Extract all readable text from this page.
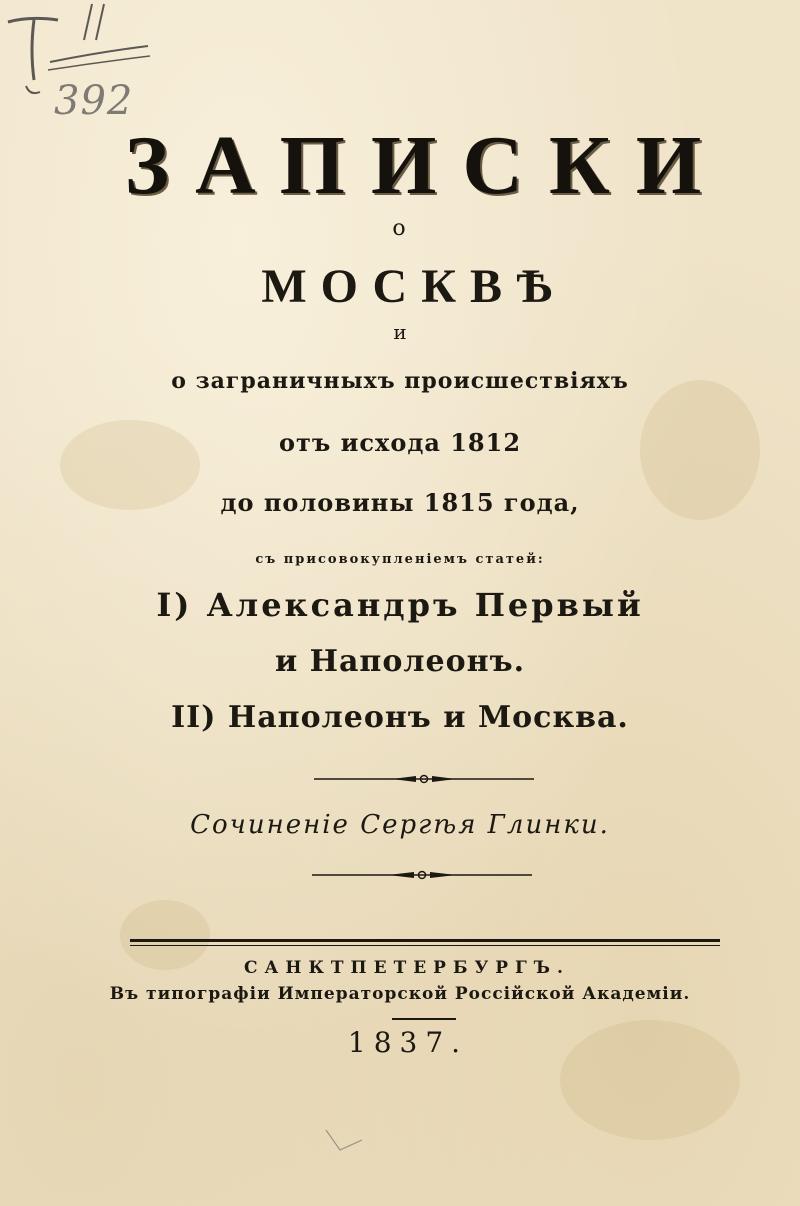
392
ЗАПИСКИ
о
МОСКВѢ
и
о заграничныхъ происшествiяхъ
отъ исхода 1812
до половины 1815 года,
съ присовокупленiемъ статей:
I) Александръ Первый
и Наполеонъ.
II) Наполеонъ и Москва.
Сочиненiе Сергѣя Глинки.
САНКТПЕТЕРБУРГЪ.
Въ типографiи Императорской Россiйской Академiи.
1837.
